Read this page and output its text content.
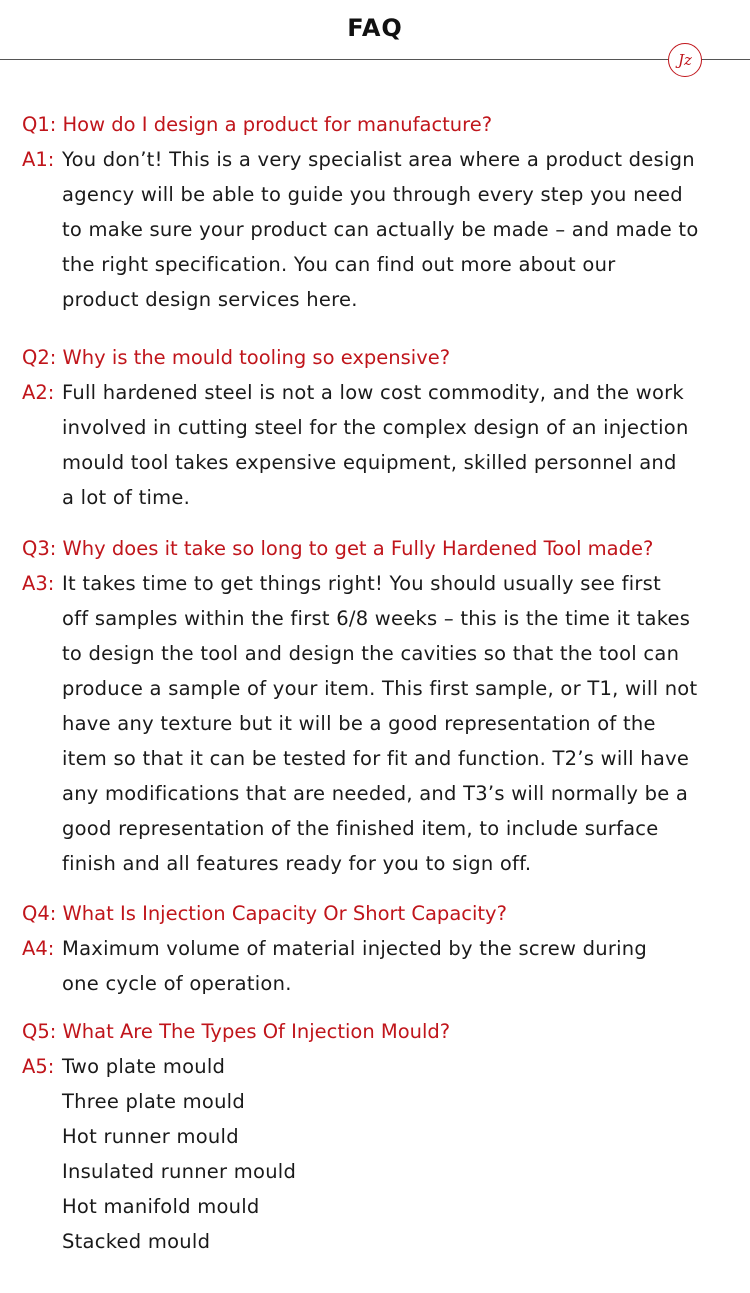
FAQ
Jz
Q1: How do I design a product for manufacture?
A1: You don’t! This is a very specialist area where a product design
agency will be able to guide you through every step you need
to make sure your product can actually be made – and made to
the right specification. You can find out more about our
product design services here.
Q2: Why is the mould tooling so expensive?
A2: Full hardened steel is not a low cost commodity, and the work
involved in cutting steel for the complex design of an injection
mould tool takes expensive equipment, skilled personnel and
a lot of time.
Q3: Why does it take so long to get a Fully Hardened Tool made?
A3: It takes time to get things right! You should usually see first
off samples within the first 6/8 weeks – this is the time it takes
to design the tool and design the cavities so that the tool can
produce a sample of your item. This first sample, or T1, will not
have any texture but it will be a good representation of the
item so that it can be tested for fit and function. T2’s will have
any modifications that are needed, and T3’s will normally be a
good representation of the finished item, to include surface
finish and all features ready for you to sign off.
Q4: What Is Injection Capacity Or Short Capacity?
A4: Maximum volume of material injected by the screw during
one cycle of operation.
Q5: What Are The Types Of Injection Mould?
A5: Two plate mould
Three plate mould
Hot runner mould
Insulated runner mould
Hot manifold mould
Stacked mould
